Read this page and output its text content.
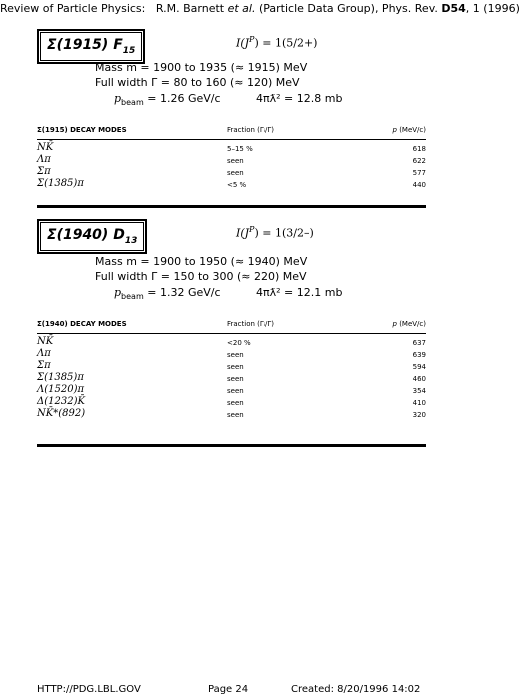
Review of Particle Physics: R.M. Barnett et al. (Particle Data Group), Phys. Rev. D54, 1 (1996)
Σ(1915) $F_{15}$
$I(J^P) = 1(5/2+)$
Mass m = 1900 to 1935 (≈ 1915) MeV
Full width Γ = 80 to 160 (≈ 120) MeV
$p_{beam} = 1.26$ GeV/c	4πƛ² = 12.8 mb
Σ(1915) DECAY MODES	Fraction (Γᵢ/Γ)	p (MeV/c)
NK̄	5–15 %	618
Λπ	seen	622
Σπ	seen	577
Σ(1385)π	<5 %	440
Σ(1940) $D_{13}$
$I(J^P) = 1(3/2-)$
Mass m = 1900 to 1950 (≈ 1940) MeV
Full width Γ = 150 to 300 (≈ 220) MeV
$p_{beam} = 1.32$ GeV/c	4πƛ² = 12.1 mb
Σ(1940) DECAY MODES	Fraction (Γᵢ/Γ)	p (MeV/c)
NK̄	<20 %	637
Λπ	seen	639
Σπ	seen	594
Σ(1385)π	seen	460
Λ(1520)π	seen	354
Δ(1232)K̄	seen	410
NK̄*(892)	seen	320
HTTP://PDG.LBL.GOV	Page 24	Created: 8/20/1996 14:02
